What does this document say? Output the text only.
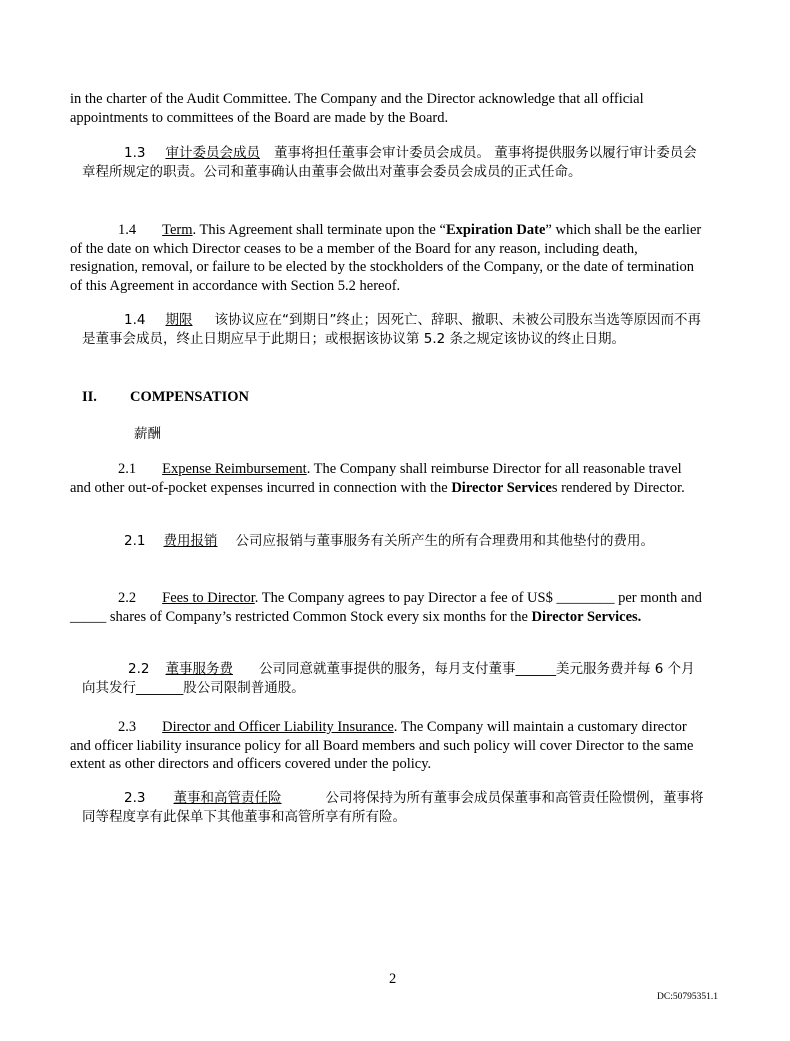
in the charter of the Audit Committee. The Company and the Director acknowledge that all official appointments to committees of the Board are made by the Board.

1.3 审计委员会成员 董事将担任董事会审计委员会成员。 董事将提供服务以履行审计委员会章程所规定的职责。公司和董事确认由董事会做出对董事会委员会成员的正式任命。

1.4 Term. This Agreement shall terminate upon the “Expiration Date” which shall be the earlier of the date on which Director ceases to be a member of the Board for any reason, including death, resignation, removal, or failure to be elected by the stockholders of the Company, or the date of termination of this Agreement in accordance with Section 5.2 hereof.

1.4 期限 该协议应在“到期日”终止；因死亡、辞职、撤职、未被公司股东当选等原因而不再是董事会成员，终止日期应早于此期日；或根据该协议第 5.2 条之规定该协议的终止日期。

II. COMPENSATION
薪酬

2.1 Expense Reimbursement. The Company shall reimburse Director for all reasonable travel and other out-of-pocket expenses incurred in connection with the Director Services rendered by Director.

2.1 费用报销 公司应报销与董事服务有关所产生的所有合理费用和其他垫付的费用。

2.2 Fees to Director. The Company agrees to pay Director a fee of US$ ________ per month and _____ shares of Company’s restricted Common Stock every six months for the Director Services.

2.2 董事服务费 公司同意就董事提供的服务，每月支付董事______美元服务费并每 6 个月向其发行_______股公司限制普通股。

2.3 Director and Officer Liability Insurance. The Company will maintain a customary director and officer liability insurance policy for all Board members and such policy will cover Director to the same extent as other directors and officers covered under the policy.

2.3 董事和高管责任险	公司将保持为所有董事会成员保董事和高管责任险惯例，董事将同等程度享有此保单下其他董事和高管所享有所有险。

2
DC:50795351.1
